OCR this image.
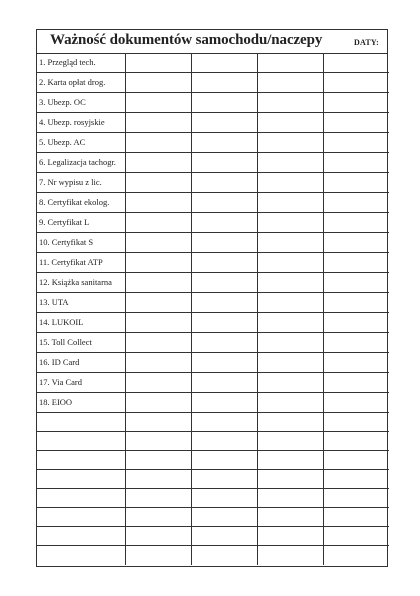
Ważność dokumentów samochodu/naczepy	DATY:
1. Przegląd tech.				
2. Karta opłat drog.				
3. Ubezp. OC				
4. Ubezp. rosyjskie				
5. Ubezp. AC				
6. Legalizacja tachogr.				
7. Nr wypisu z lic.				
8. Certyfikat ekolog.				
9. Certyfikat L				
10. Certyfikat S				
11. Certyfikat ATP				
12. Książka sanitarna				
13. UTA				
14. LUKOIL				
15. Toll Collect				
16. ID Card				
17. Via Card				
18. EIOO				
